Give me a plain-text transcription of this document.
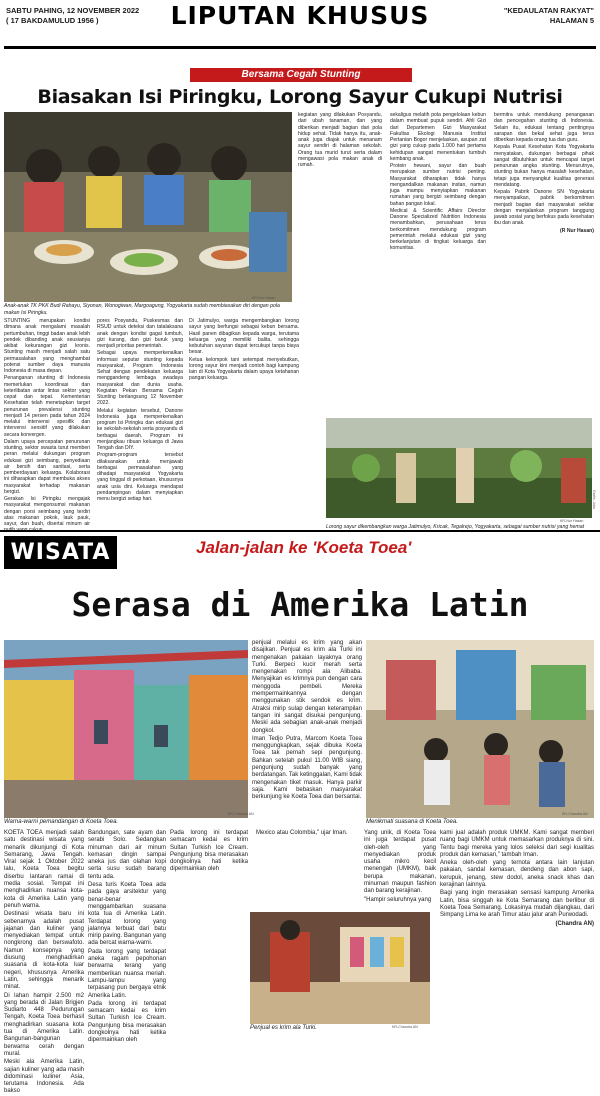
SABTU PAHING, 12 NOVEMBER 2022
( 17 BAKDAMULUD 1956 )	LIPUTAN KHUSUS	"KEDAULATAN RAKYAT"
HALAMAN 5
Bersama Cegah Stunting
Biasakan Isi Piringku, Lorong Sayur Cukupi Nutrisi
KR-Nur Hasan
Anak-anak TK PKK Budi Rahayu, Siyonan, Wonogiwan, Margoagung, Yogyakarta sudah membiasakan diri dengan pola makan Isi Piringku.
KR-Nur Hasan
Lorong sayur dikembangkan warga Jatimulyo, Kricak, Tegalrejo, Yogyakarta, sebagai sumber nutrisi yang hemat
Grafis: Joko

STUNTING merupakan kondisi dimana anak mengalami masalah pertumbuhan, tinggi badan anak lebih pendek dibanding anak seusianya akibat kekurangan gizi kronis. Stunting masih menjadi salah satu permasalahan yang menghambat potensi sumber daya manusia Indonesia di masa depan.

Penanganan stunting di Indonesia memerlukan koordinasi dan keterlibatan antar lintas sektor yang cepat dan tepat. Kementerian Kesehatan telah menetapkan target penurunan prevalensi stunting menjadi 14 persen pada tahun 2024 melalui intervensi spesifik dan intervensi sensitif yang dilakukan secara konvergen.

Dalam upaya percepatan penurunan stunting, sektor swasta turut memberi peran melalui dukungan program edukasi gizi seimbang, penyediaan air bersih dan sanitasi, serta pemberdayaan keluarga. Kolaborasi ini diharapkan dapat membuka akses masyarakat terhadap makanan bergizi.

Gerakan Isi Piringku mengajak masyarakat mengonsumsi makanan dengan porsi seimbang yang terdiri atas makanan pokok, lauk pauk, sayur, dan buah, disertai minum air

pores Posyandu, Puskesmas dan RSUD untuk deteksi dan tatalaksana anak dengan kondisi gagal tumbuh, gizi kurang, dan gizi buruk yang menjadi prioritas pemerintah.

Sebagai upaya memperkenalkan informasi seputar stunting kepada masyarakat, Program Indonesia Sehat dengan pendekatan keluarga menggandeng lembaga swadaya masyarakat dan dunia usaha. Kegiatan Pekan Bersama Cegah Stunting berlangsung 12 November 2022.

Melalui kegiatan tersebut, Danone Indonesia juga memperkenalkan program Isi Piringku dan edukasi gizi ke sekolah-sekolah serta posyandu di berbagai daerah. Program ini menjangkau ribuan keluarga di Jawa Tengah dan DIY.

Program-program tersebut dilaksanakan untuk menjawab berbagai permasalahan yang dihadapi masyarakat Yogyakarta yang tinggal di perkotaan, khususnya anak usia dini. Keluarga mendapat pendampingan dalam menyiapkan menu bergizi setiap hari.

Di Jatimulyo, warga mengembangkan lorong sayur yang berfungsi sebagai kebun bersama. Hasil panen dibagikan kepada warga, terutama keluarga yang memiliki balita, sehingga kebutuhan sayuran dapat tercukupi tanpa biaya besar.

Ketua kelompok tani setempat menyebutkan, lorong sayur kini menjadi contoh bagi kampung lain di Kota Yogyakarta dalam upaya ketahanan pangan keluarga.

kegiatan yang dilakukan Posyandu, dari ubah tanaman, dan yang diberikan menjadi bagian dari pola hidup sehat. Tidak hanya itu, anak-anak juga diajak untuk menanam sayur sendiri di halaman sekolah. Orang tua murid turut serta dalam mengawasi pola makan anak di rumah.

sekaligus melatih pola pengelolaan kebun dalam membuat pupuk sendiri. Ahli Gizi dari Departemen Gizi Masyarakat Fakultas Ekologi Manusia Institut Pertanian Bogor menjelaskan, asupan zat gizi yang cukup pada 1.000 hari pertama kehidupan sangat menentukan tumbuh kembang anak.

Protein hewani, sayur dan buah merupakan sumber nutrisi penting. Masyarakat diharapkan tidak hanya mengandalkan makanan instan, namun juga mampu menyiapkan makanan rumahan yang bergizi seimbang dengan bahan pangan lokal.

Medical & Scientific Affairs Director Danone Specialized Nutrition Indonesia menambahkan, perusahaan terus berkomitmen mendukung program pemerintah melalui edukasi gizi yang berkelanjutan di tingkat keluarga dan komunitas.

bermitra untuk mendukung penanganan dan pencegahan stunting di Indonesia. Selain itu, edukasi tentang pentingnya sarapan dan bekal sehat juga terus diberikan kepada orang tua dan guru.

Kepala Pusat Kesehatan Kota Yogyakarta menyatakan, dukungan berbagai pihak sangat dibutuhkan untuk mencapai target penurunan angka stunting. Menurutnya, stunting bukan hanya masalah kesehatan, tetapi juga menyangkut kualitas generasi mendatang.

Kepala Pabrik Danone SN Yogyakarta menyampaikan, pabrik berkomitmen menjadi bagian dari masyarakat sekitar dengan menjalankan program tanggung jawab sosial yang berfokus pada kesehatan ibu dan anak.

(R Nur Hasan)

WISATA	Jalan-jalan ke 'Koeta Toea'
Serasa di Amerika Latin
KR-Chandra AN
Warna-warni pemandangan di Koeta Toea.

penjual melalui es krim yang akan disajikan. Penjual es krim ala Turki ini mengenakan pakaian layaknya orang Turki. Berpeci kucir merah serta mengenakan rompi ala Alibaba. Menyajikan es krimnya pun dengan cara menggoda pembeli. Mereka mempermainkannya dengan menggunakan stik sendok es krim. Atraksi mirip sulap dengan keterampilan tangan ini sangat disukai pengunjung. Meski ada sebagian anak-anak menjadi dongkol.

Iman Tedjo Putra, Marcom Koeta Toea menggungkapkan, sejak dibuka Koeta Toea tak pernah sepi pengunjung. Bahkan setelah pukul 11.00 WIB siang, pengunjung sudah banyak yang berdatangan. Tak ketinggalan, Kami tidak mengenakan tiket masuk. Hanya parkir saja. Kami bebaskan masyarakat berkunjung ke Koeta Toea dan bersantai.

KR-Chandra AN
Menikmati suasana di Koeta Toea.

KOETA TOEA menjadi salah satu destinasi wisata yang menarik dikunjungi di Kota Semarang, Jawa Tengah. Viral sejak 1 Oktober 2022 lalu, Koeta Toea begitu diserbu lantaran ramai di media sosial. Tempat ini menghadirkan nuansa kota-kota di Amerika Latin yang penuh warna.

Destinasi wisata baru ini sebenarnya adalah pusat jajanan dan kuliner yang menyediakan tempat untuk nongkrong dan berswafoto. Namun konsepnya yang diusung menghadirkan suasana di kota-kota luar negeri, khususnya Amerika Latin, sehingga menarik minat.

Di lahan hampir 2.500 m2 yang berada di Jalan Brigjen Sudiarto 448 Pedurungan Tengah, Koeta Toea berhasil menghadirkan suasana kota tua di Amerika Latin. Bangunan-bangunan berwarna cerah dengan mural.

Meski ala Amerika Latin, sajian kuliner yang ada masih didominasi kuliner Asia, terutama Indonesia. Ada bakso

Bandungan, sate ayam dan serabi Solo. Sedangkan minuman dari air minum kemasan dingin sampai aneka jus dan olahan kopi serta susu sudah barang tentu ada.

Desa turis Koeta Toea ada pada gaya arsitektur yang benar-benar menggambarkan suasana kota tua di Amerika Latin. Terdapat lorong yang jalannya terbuat dari batu mirip paving. Bangunan yang ada bercat warna-warni.

Pada lorong yang terdapat aneka ragam pepohonan berwarna terang yang memberikan nuansa meriah. Lampu-lampu yang terpasang pun bergaya etnik Amerika Latin.

Pada lorong ini terdapat semacam kedai es krim Sultan Turkish Ice Cream. Pengunjung bisa merasakan dongkolnya hati ketika dipermainkan oleh

Pada lorong ini terdapat semacam kedai es krim Sultan Turkish Ice Cream. Pengunjung bisa merasakan dongkolnya hati ketika dipermainkan oleh

Mexico atau Colombia," ujar Iman.	Yang unik, di Koeta Toea ini juga terdapat pusat oleh-oleh yang menyediakan produk usaha mikro kecil menengah (UMKM), baik berupa makanan, minuman maupun fashion dan barang kerajinan.

"Hampir seluruhnya yang

Penjual es krim ala Turki.	KR-Chandra AN

kami jual adalah produk UMKM. Kami sangat memberi ruang bagi UMKM untuk memasarkan produknya di sini. Tentu bagi mereka yang lolos seleksi dari segi kualitas produk dan kemasan," tambah Iman.

Aneka oleh-oleh yang ternota antara lain lanjutan pakaian, sandal kemasan, dendeng dan abon sapi, kerupuk, jenang, stew dodol, aneka snack khas dan kerajinan lainnya.

Bagi yang ingin merasakan sensasi kampung Amerika Latin, bisa singgah ke Kota Semarang dan berlibur di Koeta Toea Semarang. Lokasinya mudah dijangkau, dari Simpang Lima ke arah Timur atau jalur arah Purwodadi.

(Chandra AN)
